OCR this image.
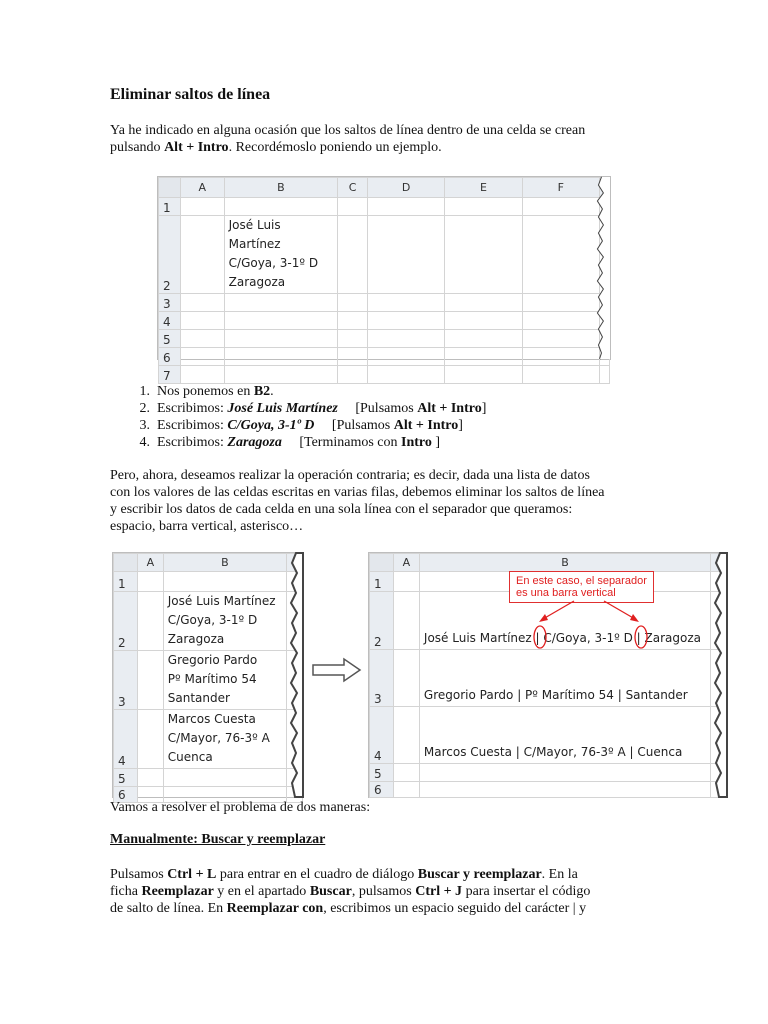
Eliminar saltos de línea
Ya he indicado en alguna ocasión que los saltos de línea dentro de una celda se crean
pulsando Alt + Intro. Recordémoslo poniendo un ejemplo.
	A	B	C	D	E	F	
1							
2		José Luis Martínez
C/Goya, 3-1º D
Zaragoza					

3							
4							
5							
6							
7							
1. Nos ponemos en B2.
2. Escribimos: José Luis Martínez     [Pulsamos Alt + Intro]
3. Escribimos: C/Goya, 3-1º D     [Pulsamos Alt + Intro]
4. Escribimos: Zaragoza     [Terminamos con Intro ]
Pero, ahora, deseamos realizar la operación contraria; es decir, dada una lista de datos
con los valores de las celdas escritas en varias filas, debemos eliminar los saltos de línea
y escribir los datos de cada celda en una sola línea con el separador que queramos:
espacio, barra vertical, asterisco…
	A	B	
1			
2		José Luis Martínez
C/Goya, 3-1º D
Zaragoza	

3		Gregorio Pardo
Pº Marítimo 54
Santander	

4		Marcos Cuesta
C/Mayor, 76-3º A
Cuenca	

5			
6			
	A	B	
1			
2		José Luis Martínez | C/Goya, 3-1º D | Zaragoza	

3		Gregorio Pardo | Pº Marítimo 54 | Santander	

4		Marcos Cuesta | C/Mayor, 76-3º A | Cuenca	

5			
6			
En este caso, el separador
es una barra vertical
Vamos a resolver el problema de dos maneras:
Manualmente: Buscar y reemplazar
Pulsamos Ctrl + L para entrar en el cuadro de diálogo Buscar y reemplazar. En la
ficha Reemplazar y en el apartado Buscar, pulsamos Ctrl + J para insertar el código
de salto de línea. En Reemplazar con, escribimos un espacio seguido del carácter | y
